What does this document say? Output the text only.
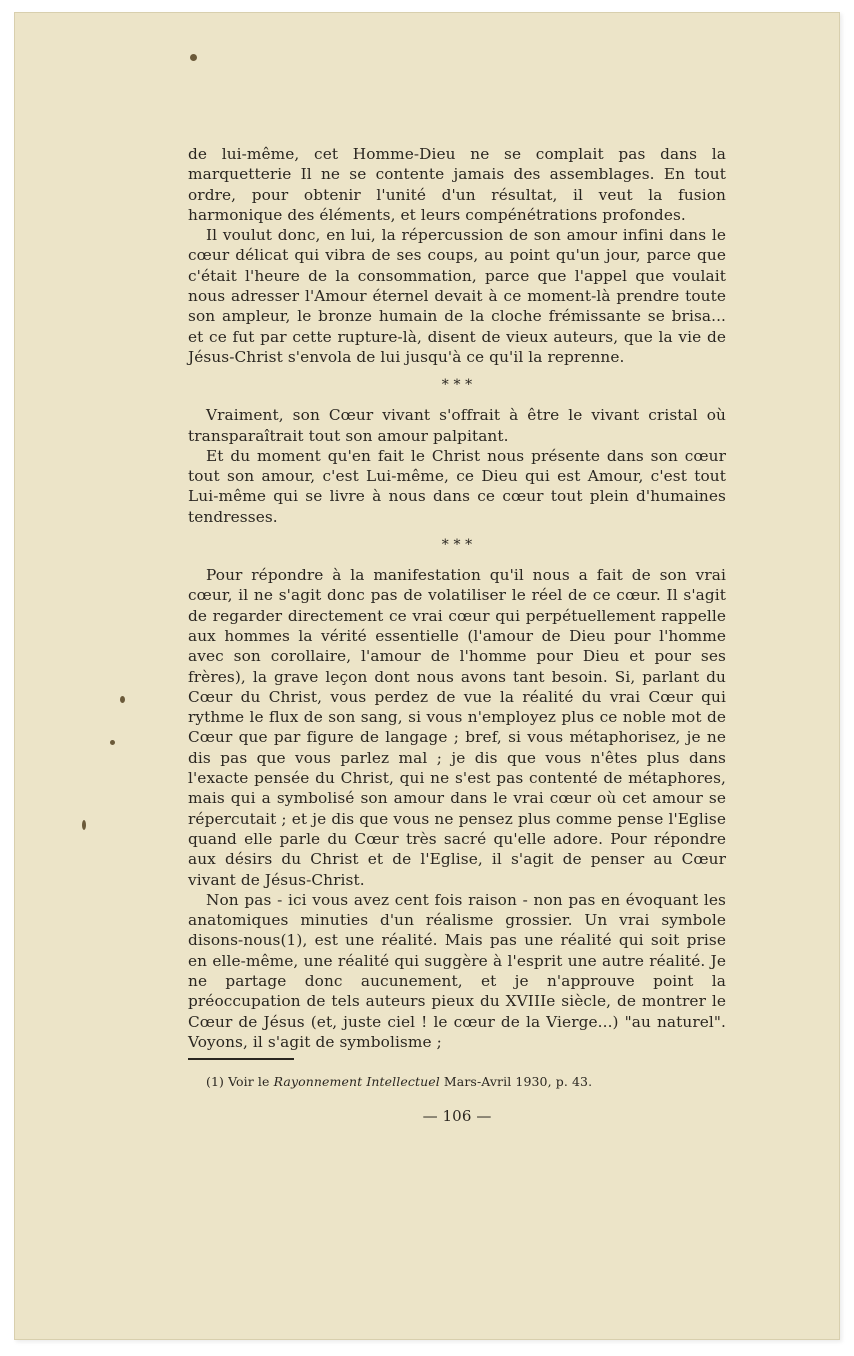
de lui-même, cet Homme-Dieu ne se complait pas dans la marquetterie Il ne se contente jamais des assemblages. En tout ordre, pour obtenir l'unité d'un résultat, il veut la fusion harmonique des éléments, et leurs compénétrations profondes.

Il voulut donc, en lui, la répercussion de son amour infini dans le cœur délicat qui vibra de ses coups, au point qu'un jour, parce que c'était l'heure de la consommation, parce que l'appel que voulait nous adresser l'Amour éternel devait à ce moment-là prendre toute son ampleur, le bronze humain de la cloche frémissante se brisa... et ce fut par cette rupture-là, disent de vieux auteurs, que la vie de Jésus-Christ s'envola de lui jusqu'à ce qu'il la reprenne.

* * *

Vraiment, son Cœur vivant s'offrait à être le vivant cristal où transparaîtrait tout son amour palpitant.

Et du moment qu'en fait le Christ nous présente dans son cœur tout son amour, c'est Lui-même, ce Dieu qui est Amour, c'est tout Lui-même qui se livre à nous dans ce cœur tout plein d'humaines tendresses.

* * *

Pour répondre à la manifestation qu'il nous a fait de son vrai cœur, il ne s'agit donc pas de volatiliser le réel de ce cœur. Il s'agit de regarder directement ce vrai cœur qui perpétuellement rappelle aux hommes la vérité essentielle (l'amour de Dieu pour l'homme avec son corollaire, l'amour de l'homme pour Dieu et pour ses frères), la grave leçon dont nous avons tant besoin. Si, parlant du Cœur du Christ, vous perdez de vue la réalité du vrai Cœur qui rythme le flux de son sang, si vous n'employez plus ce noble mot de Cœur que par figure de langage ; bref, si vous métaphorisez, je ne dis pas que vous parlez mal ; je dis que vous n'êtes plus dans l'exacte pensée du Christ, qui ne s'est pas contenté de métaphores, mais qui a symbolisé son amour dans le vrai cœur où cet amour se répercutait ; et je dis que vous ne pensez plus comme pense l'Eglise quand elle parle du Cœur très sacré qu'elle adore. Pour répondre aux désirs du Christ et de l'Eglise, il s'agit de penser au Cœur vivant de Jésus-Christ.

Non pas - ici vous avez cent fois raison - non pas en évoquant les anatomiques minuties d'un réalisme grossier. Un vrai symbole disons-nous(1), est une réalité. Mais pas une réalité qui soit prise en elle-même, une réalité qui suggère à l'esprit une autre réalité. Je ne partage donc aucunement, et je n'approuve point la préoccupation de tels auteurs pieux du XVIIIe siècle, de montrer le Cœur de Jésus (et, juste ciel ! le cœur de la Vierge...) "au naturel". Voyons, il s'agit de symbolisme ;

(1) Voir le Rayonnement Intellectuel Mars-Avril 1930, p. 43.
— 106 —
